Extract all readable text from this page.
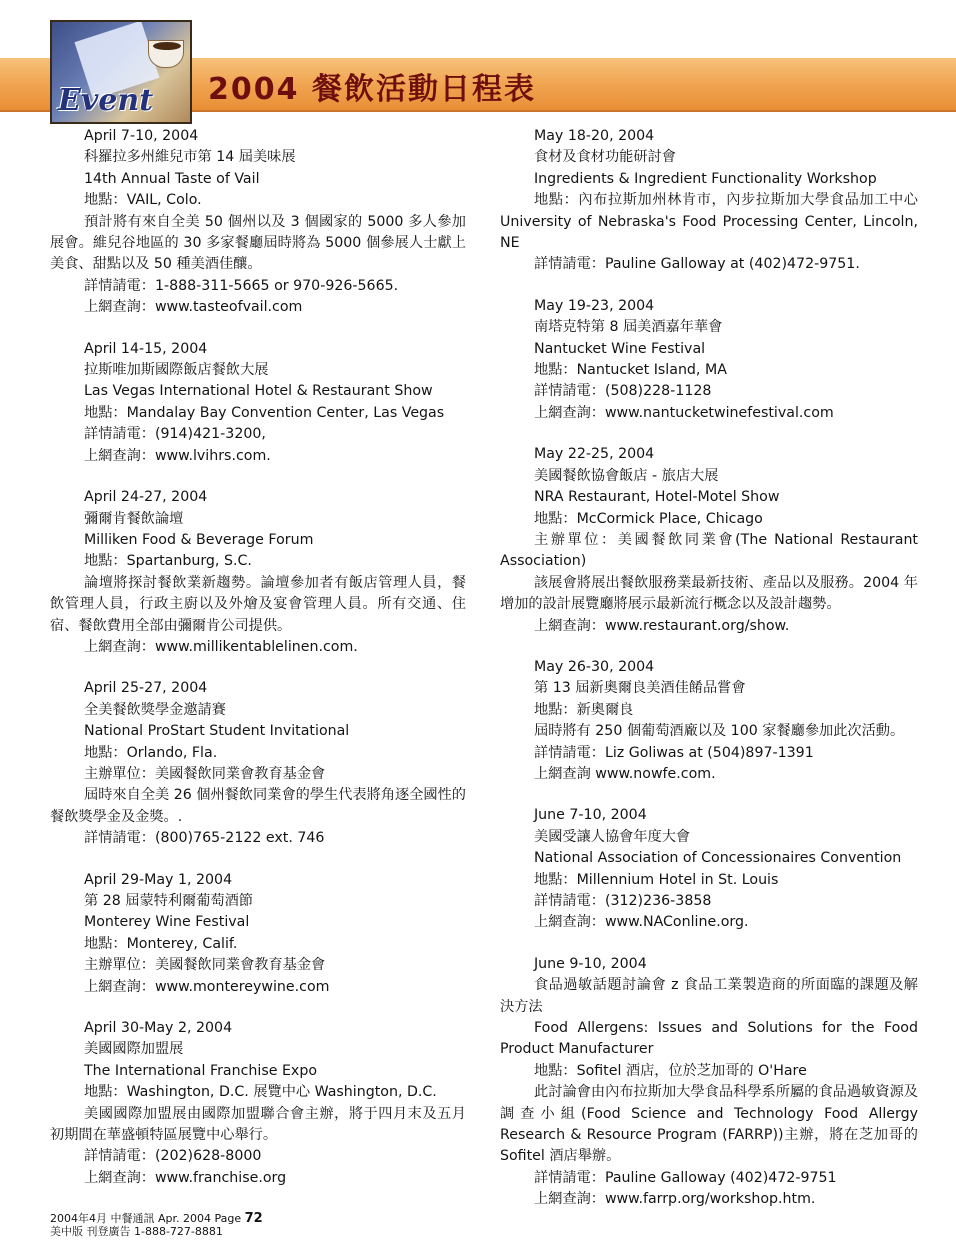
Event 2004 餐飲活動日程表
April 7-10, 2004
科羅拉多州維兒市第 14 屆美味展
14th Annual Taste of Vail
地點：VAIL, Colo.
預計將有來自全美 50 個州以及 3 個國家的 5000 多人參加展會。維兒谷地區的 30 多家餐廳屆時將為 5000 個參展人士獻上美食、甜點以及 50 種美酒佳釀。
詳情請電：1-888-311-5665 or 970-926-5665.
上網查詢：www.tasteofvail.com
April 14-15, 2004
拉斯唯加斯國際飯店餐飲大展
Las Vegas International Hotel & Restaurant Show
地點：Mandalay Bay Convention Center, Las Vegas
詳情請電：(914)421-3200,
上網查詢：www.lvihrs.com.
April 24-27, 2004
彌爾肯餐飲論壇
Milliken Food & Beverage Forum
地點：Spartanburg, S.C.
論壇將探討餐飲業新趨勢。論壇參加者有飯店管理人員，餐飲管理人員，行政主廚以及外燴及宴會管理人員。所有交通、住宿、餐飲費用全部由彌爾肯公司提供。
上網查詢：www.millikentablelinen.com.
April 25-27, 2004
全美餐飲獎學金邀請賽
National ProStart Student Invitational
地點：Orlando, Fla.
主辦單位：美國餐飲同業會教育基金會
屆時來自全美 26 個州餐飲同業會的學生代表將角逐全國性的餐飲獎學金及金獎。.
詳情請電：(800)765-2122 ext. 746
April 29-May 1, 2004
第 28 屆蒙特利爾葡萄酒節
Monterey Wine Festival
地點：Monterey, Calif.
主辦單位：美國餐飲同業會教育基金會
上網查詢：www.montereywine.com
April 30-May 2, 2004
美國國際加盟展
The International Franchise Expo
地點：Washington, D.C. 展覽中心 Washington, D.C.
美國國際加盟展由國際加盟聯合會主辦，將于四月末及五月初期間在華盛頓特區展覽中心舉行。
詳情請電：(202)628-8000
上網查詢：www.franchise.org
May 18-20, 2004
食材及食材功能研討會
Ingredients & Ingredient Functionality Workshop
地點：內布拉斯加州林肯市，內步拉斯加大學食品加工中心 University of Nebraska's Food Processing Center, Lincoln, NE
詳情請電：Pauline Galloway at (402)472-9751.
May 19-23, 2004
南塔克特第 8 屆美酒嘉年華會
Nantucket Wine Festival
地點：Nantucket Island, MA
詳情請電：(508)228-1128
上網查詢：www.nantucketwinefestival.com
May 22-25, 2004
美國餐飲協會飯店 - 旅店大展
NRA Restaurant, Hotel-Motel Show
地點：McCormick Place, Chicago
主辦單位：美國餐飲同業會(The National Restaurant Association)
該展會將展出餐飲服務業最新技術、產品以及服務。2004 年增加的設計展覽廳將展示最新流行概念以及設計趨勢。
上網查詢：www.restaurant.org/show.
May 26-30, 2004
第 13 屆新奧爾良美酒佳餚品嘗會
地點：新奧爾良
屆時將有 250 個葡萄酒廠以及 100 家餐廳參加此次活動。
詳情請電：Liz Goliwas at (504)897-1391
上網查詢 www.nowfe.com.
June 7-10, 2004
美國受讓人協會年度大會
National Association of Concessionaires Convention
地點：Millennium Hotel in St. Louis
詳情請電：(312)236-3858
上網查詢：www.NAConline.org.
June 9-10, 2004
食品過敏話題討論會 z 食品工業製造商的所面臨的課題及解決方法
Food Allergens: Issues and Solutions for the Food Product Manufacturer
地點：Sofitel 酒店，位於芝加哥的 O'Hare
此討論會由內布拉斯加大學食品科學系所屬的食品過敏資源及調查小組(Food Science and Technology Food Allergy Research & Resource Program (FARRP))主辦，將在芝加哥的 Sofitel 酒店舉辦。
詳情請電：Pauline Galloway (402)472-9751
上網查詢：www.farrp.org/workshop.htm.
2004年4月 中餐通訊 Apr. 2004 Page 72
美中版 刊登廣告 1-888-727-8881
